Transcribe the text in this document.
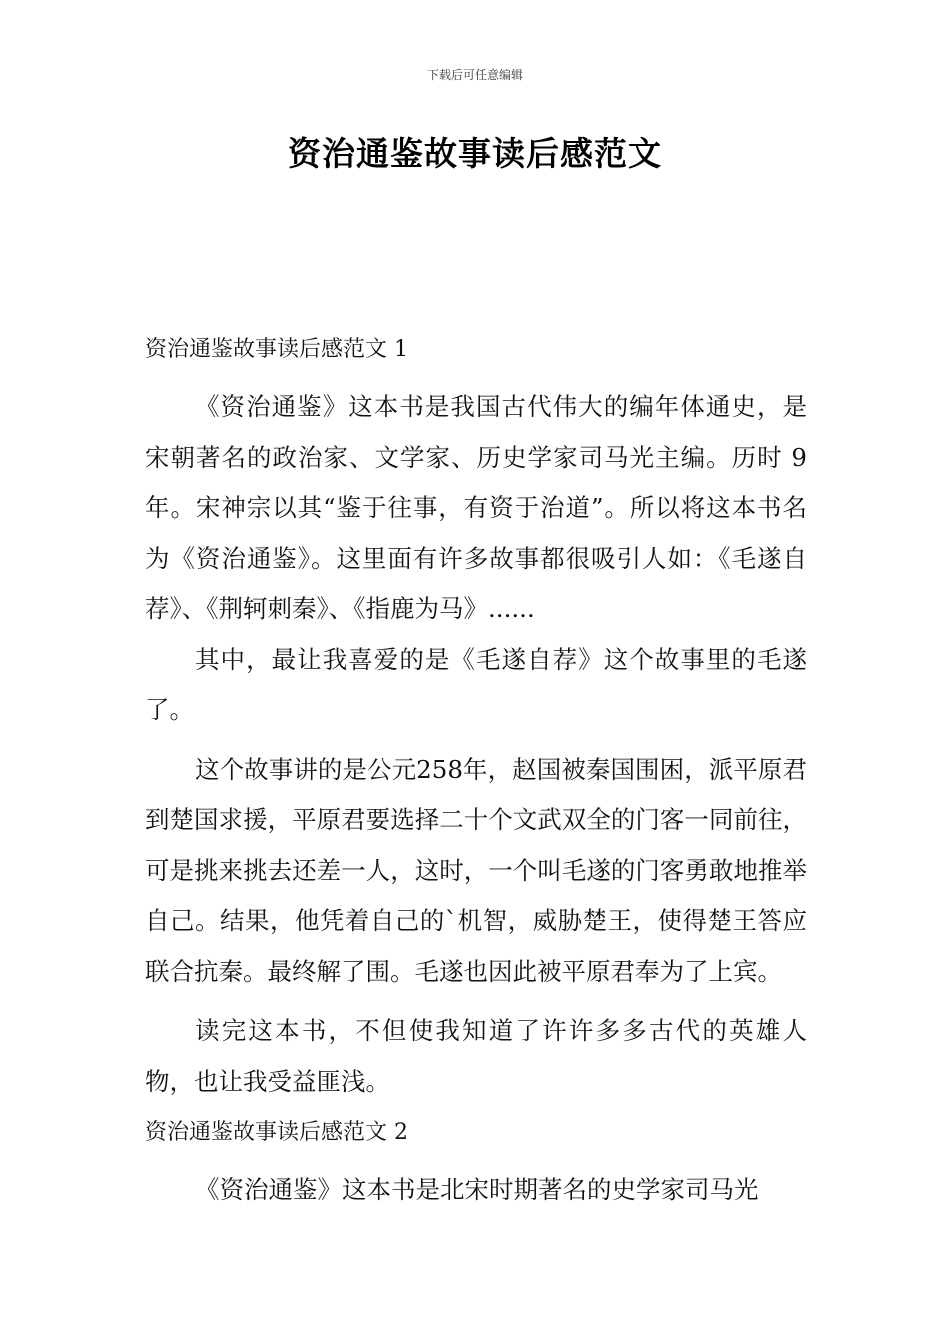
下载后可任意编辑
资治通鉴故事读后感范文
资治通鉴故事读后感范文 1

《资治通鉴》这本书是我国古代伟大的编年体通史，是宋朝著名的政治家、文学家、历史学家司马光主编。历时 9 年。宋神宗以其“鉴于往事，有资于治道”。所以将这本书名为《资治通鉴》。这里面有许多故事都很吸引人如：《毛遂自荐》、《荆轲刺秦》、《指鹿为马》......

其中，最让我喜爱的是《毛遂自荐》这个故事里的毛遂了。

这个故事讲的是公元258年，赵国被秦国围困，派平原君到楚国求援，平原君要选择二十个文武双全的门客一同前往，可是挑来挑去还差一人，这时，一个叫毛遂的门客勇敢地推举自己。结果，他凭着自己的`机智，威胁楚王，使得楚王答应联合抗秦。最终解了围。毛遂也因此被平原君奉为了上宾。

读完这本书，不但使我知道了许许多多古代的英雄人物，也让我受益匪浅。

资治通鉴故事读后感范文 2

《资治通鉴》这本书是北宋时期著名的史学家司马光
